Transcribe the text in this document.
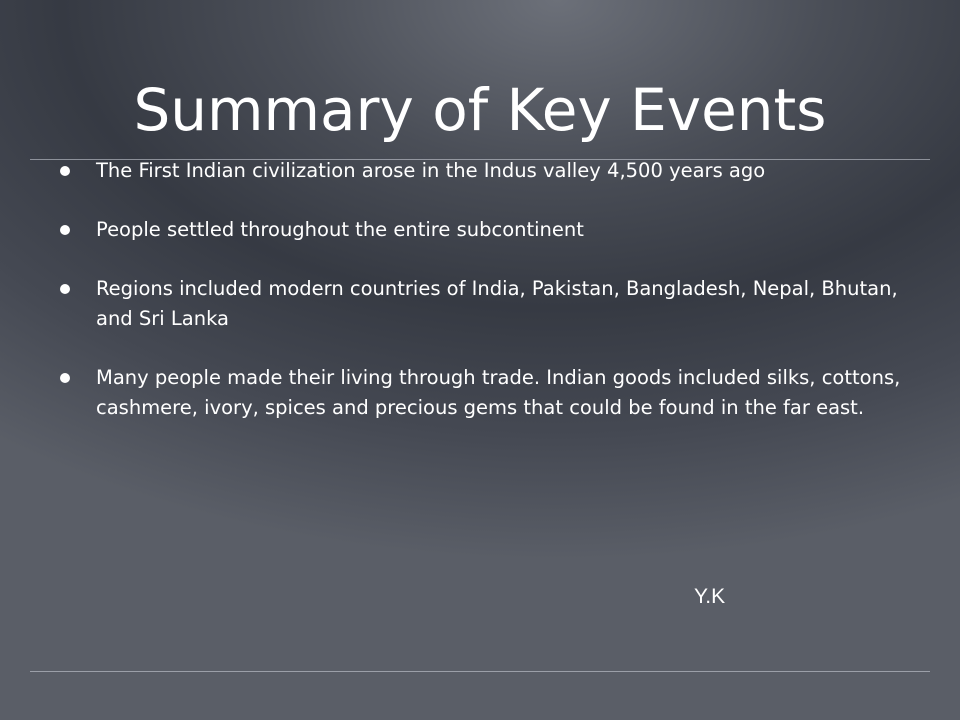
Summary of Key Events
The First Indian civilization arose in the Indus valley 4,500 years ago
People settled throughout the entire subcontinent
Regions included modern countries of India, Pakistan, Bangladesh, Nepal, Bhutan, and Sri Lanka
Many people made their living through trade. Indian goods included silks, cottons, cashmere, ivory, spices and precious gems that could be found in the far east.
Y.K
